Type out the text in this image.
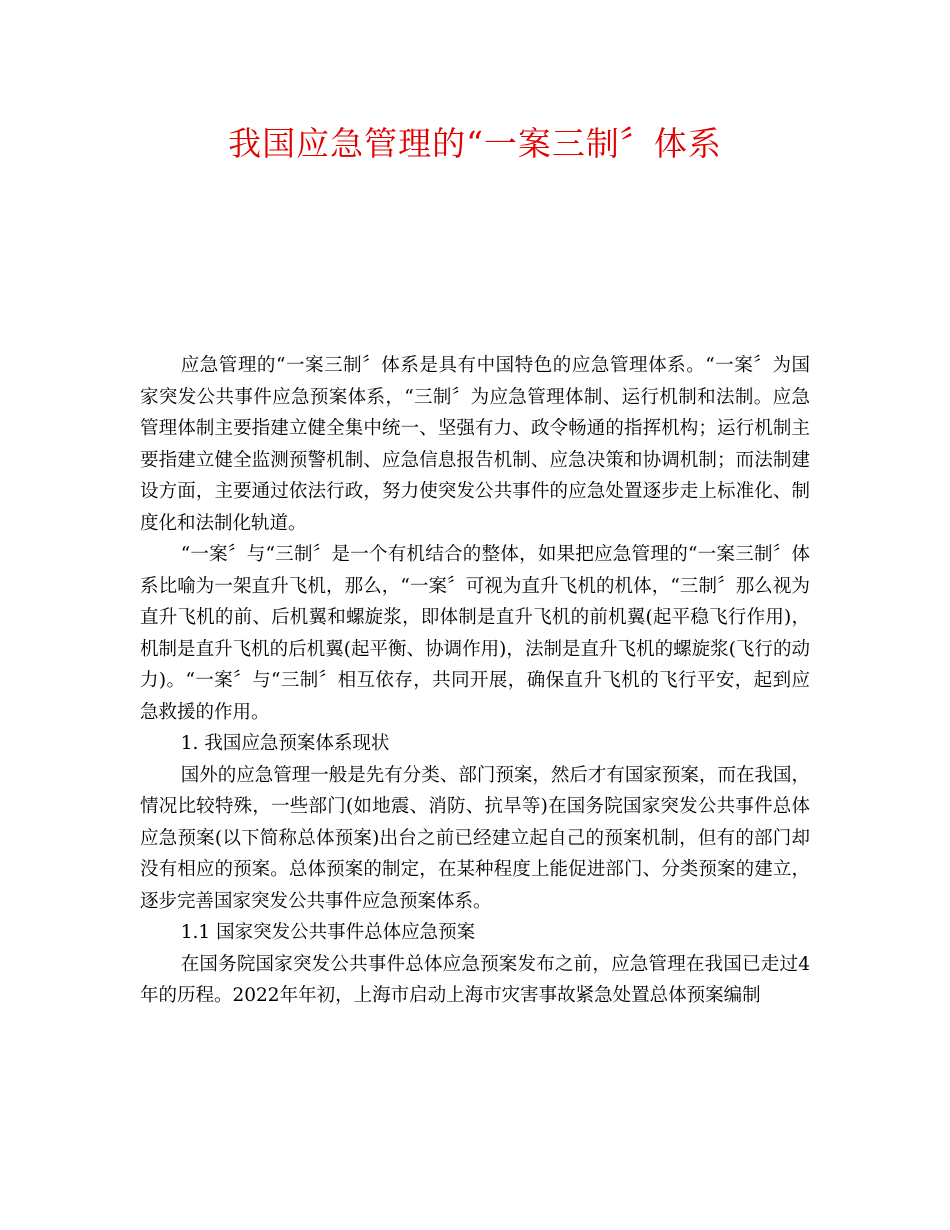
我国应急管理的“一案三制〞体系

应急管理的“一案三制〞体系是具有中国特色的应急管理体系。“一案〞为国家突发公共事件应急预案体系，“三制〞为应急管理体制、运行机制和法制。应急管理体制主要指建立健全集中统一、坚强有力、政令畅通的指挥机构；运行机制主要指建立健全监测预警机制、应急信息报告机制、应急决策和协调机制；而法制建设方面，主要通过依法行政，努力使突发公共事件的应急处置逐步走上标准化、制度化和法制化轨道。

“一案〞与“三制〞是一个有机结合的整体，如果把应急管理的“一案三制〞体系比喻为一架直升飞机，那么，“一案〞可视为直升飞机的机体，“三制〞那么视为直升飞机的前、后机翼和螺旋浆，即体制是直升飞机的前机翼(起平稳飞行作用)，机制是直升飞机的后机翼(起平衡、协调作用)，法制是直升飞机的螺旋浆(飞行的动力)。“一案〞与“三制〞相互依存，共同开展，确保直升飞机的飞行平安，起到应急救援的作用。

1. 我国应急预案体系现状

国外的应急管理一般是先有分类、部门预案，然后才有国家预案，而在我国，情况比较特殊，一些部门(如地震、消防、抗旱等)在国务院国家突发公共事件总体应急预案(以下简称总体预案)出台之前已经建立起自己的预案机制，但有的部门却没有相应的预案。总体预案的制定，在某种程度上能促进部门、分类预案的建立，逐步完善国家突发公共事件应急预案体系。

1.1 国家突发公共事件总体应急预案

在国务院国家突发公共事件总体应急预案发布之前，应急管理在我国已走过4年的历程。2022年年初，上海市启动上海市灾害事故紧急处置总体预案编制
